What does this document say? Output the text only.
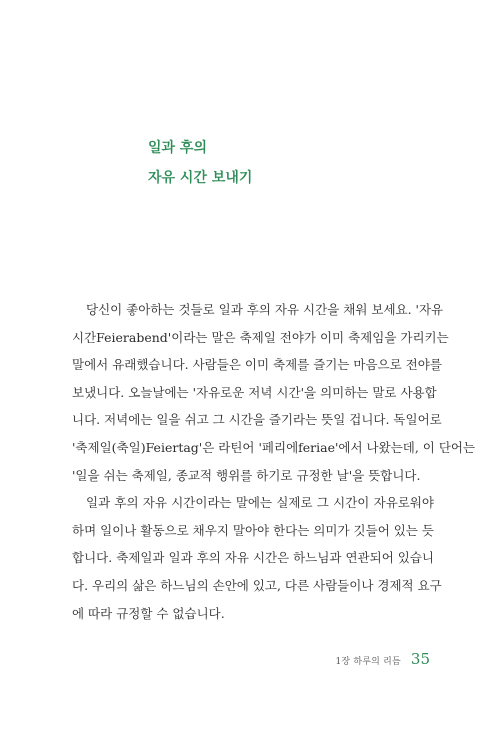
일과 후의
자유 시간 보내기

당신이 좋아하는 것들로 일과 후의 자유 시간을 채워 보세요. '자유
시간Feierabend'이라는 말은 축제일 전야가 이미 축제임을 가리키는
말에서 유래했습니다. 사람들은 이미 축제를 즐기는 마음으로 전야를
보냈니다. 오늘날에는 '자유로운 저녁 시간'을 의미하는 말로 사용합
니다. 저녁에는 일을 쉬고 그 시간을 즐기라는 뜻일 겁니다. 독일어로
'축제일(축일)Feiertag'은 라틴어 '페리에feriae'에서 나왔는데, 이 단어는
'일을 쉬는 축제일, 종교적 행위를 하기로 규정한 날'을 뜻합니다.

일과 후의 자유 시간이라는 말에는 실제로 그 시간이 자유로워야
하며 일이나 활동으로 채우지 말아야 한다는 의미가 깃들어 있는 듯
합니다. 축제일과 일과 후의 자유 시간은 하느님과 연관되어 있습니
다. 우리의 삶은 하느님의 손안에 있고, 다른 사람들이나 경제적 요구
에 따라 규정할 수 없습니다.

1장 하루의 리듬 35
